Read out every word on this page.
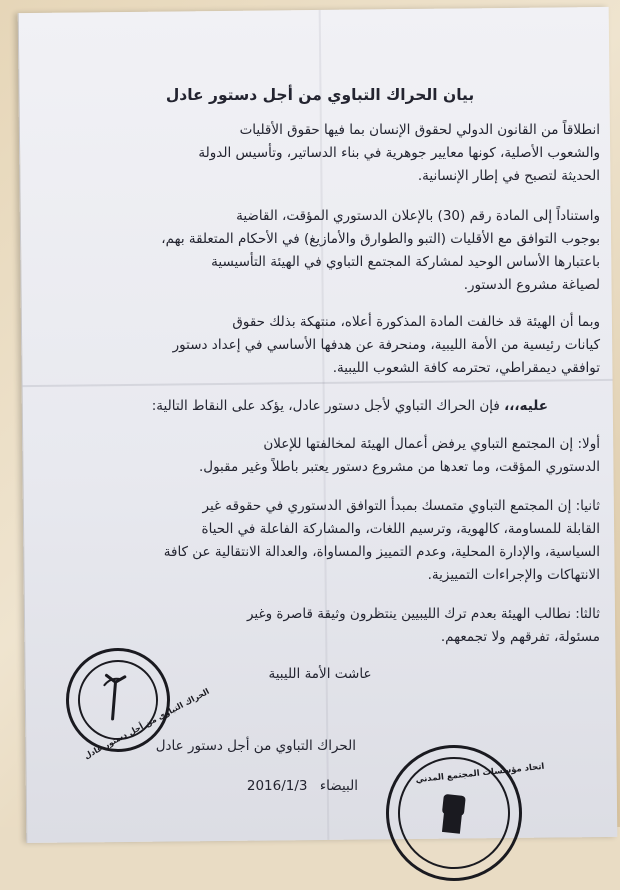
بيان الحراك التباوي من أجل دستور عادل
انطلاقاً من القانون الدولي لحقوق الإنسان بما فيها حقوق الأقليات
والشعوب الأصلية، كونها معايير جوهرية في بناء الدساتير، وتأسيس الدولة
الحديثة لتصبح في إطار الإنسانية.
واستناداً إلى المادة رقم (30) بالإعلان الدستوري المؤقت، القاضية
بوجوب التوافق مع الأقليات (التبو والطوارق والأمازيغ) في الأحكام المتعلقة بهم،
باعتبارها الأساس الوحيد لمشاركة المجتمع التباوي في الهيئة التأسيسية
لصياغة مشروع الدستور.
وبما أن الهيئة قد خالفت المادة المذكورة أعلاه، منتهكة بذلك حقوق
كيانات رئيسية من الأمة الليبية، ومنحرفة عن هدفها الأساسي في إعداد دستور
توافقي ديمقراطي، تحترمه كافة الشعوب الليبية.
عليه،،، فإن الحراك التباوي لأجل دستور عادل، يؤكد على النقاط التالية:
أولا: إن المجتمع التباوي يرفض أعمال الهيئة لمخالفتها للإعلان
الدستوري المؤقت، وما تعدها من مشروع دستور يعتبر باطلاً وغير مقبول.
ثانيا: إن المجتمع التباوي متمسك بمبدأ التوافق الدستوري في حقوقه غير
القابلة للمساومة، كالهوية، وترسيم اللغات، والمشاركة الفاعلة في الحياة
السياسية، والإدارة المحلية، وعدم التمييز والمساواة، والعدالة الانتقالية عن كافة
الانتهاكات والإجراءات التمييزية.
ثالثا: نطالب الهيئة بعدم ترك الليبيين ينتظرون وثيقة قاصرة وغير
مسئولة، تفرقهم ولا تجمعهم.
عاشت الأمة الليبية
الحراك التباوي من أجل دستور عادل
البيضاء 2016/1/3
الحراك التباوي من أجل دستور عادل
اتحاد مؤسسات المجتمع المدني
